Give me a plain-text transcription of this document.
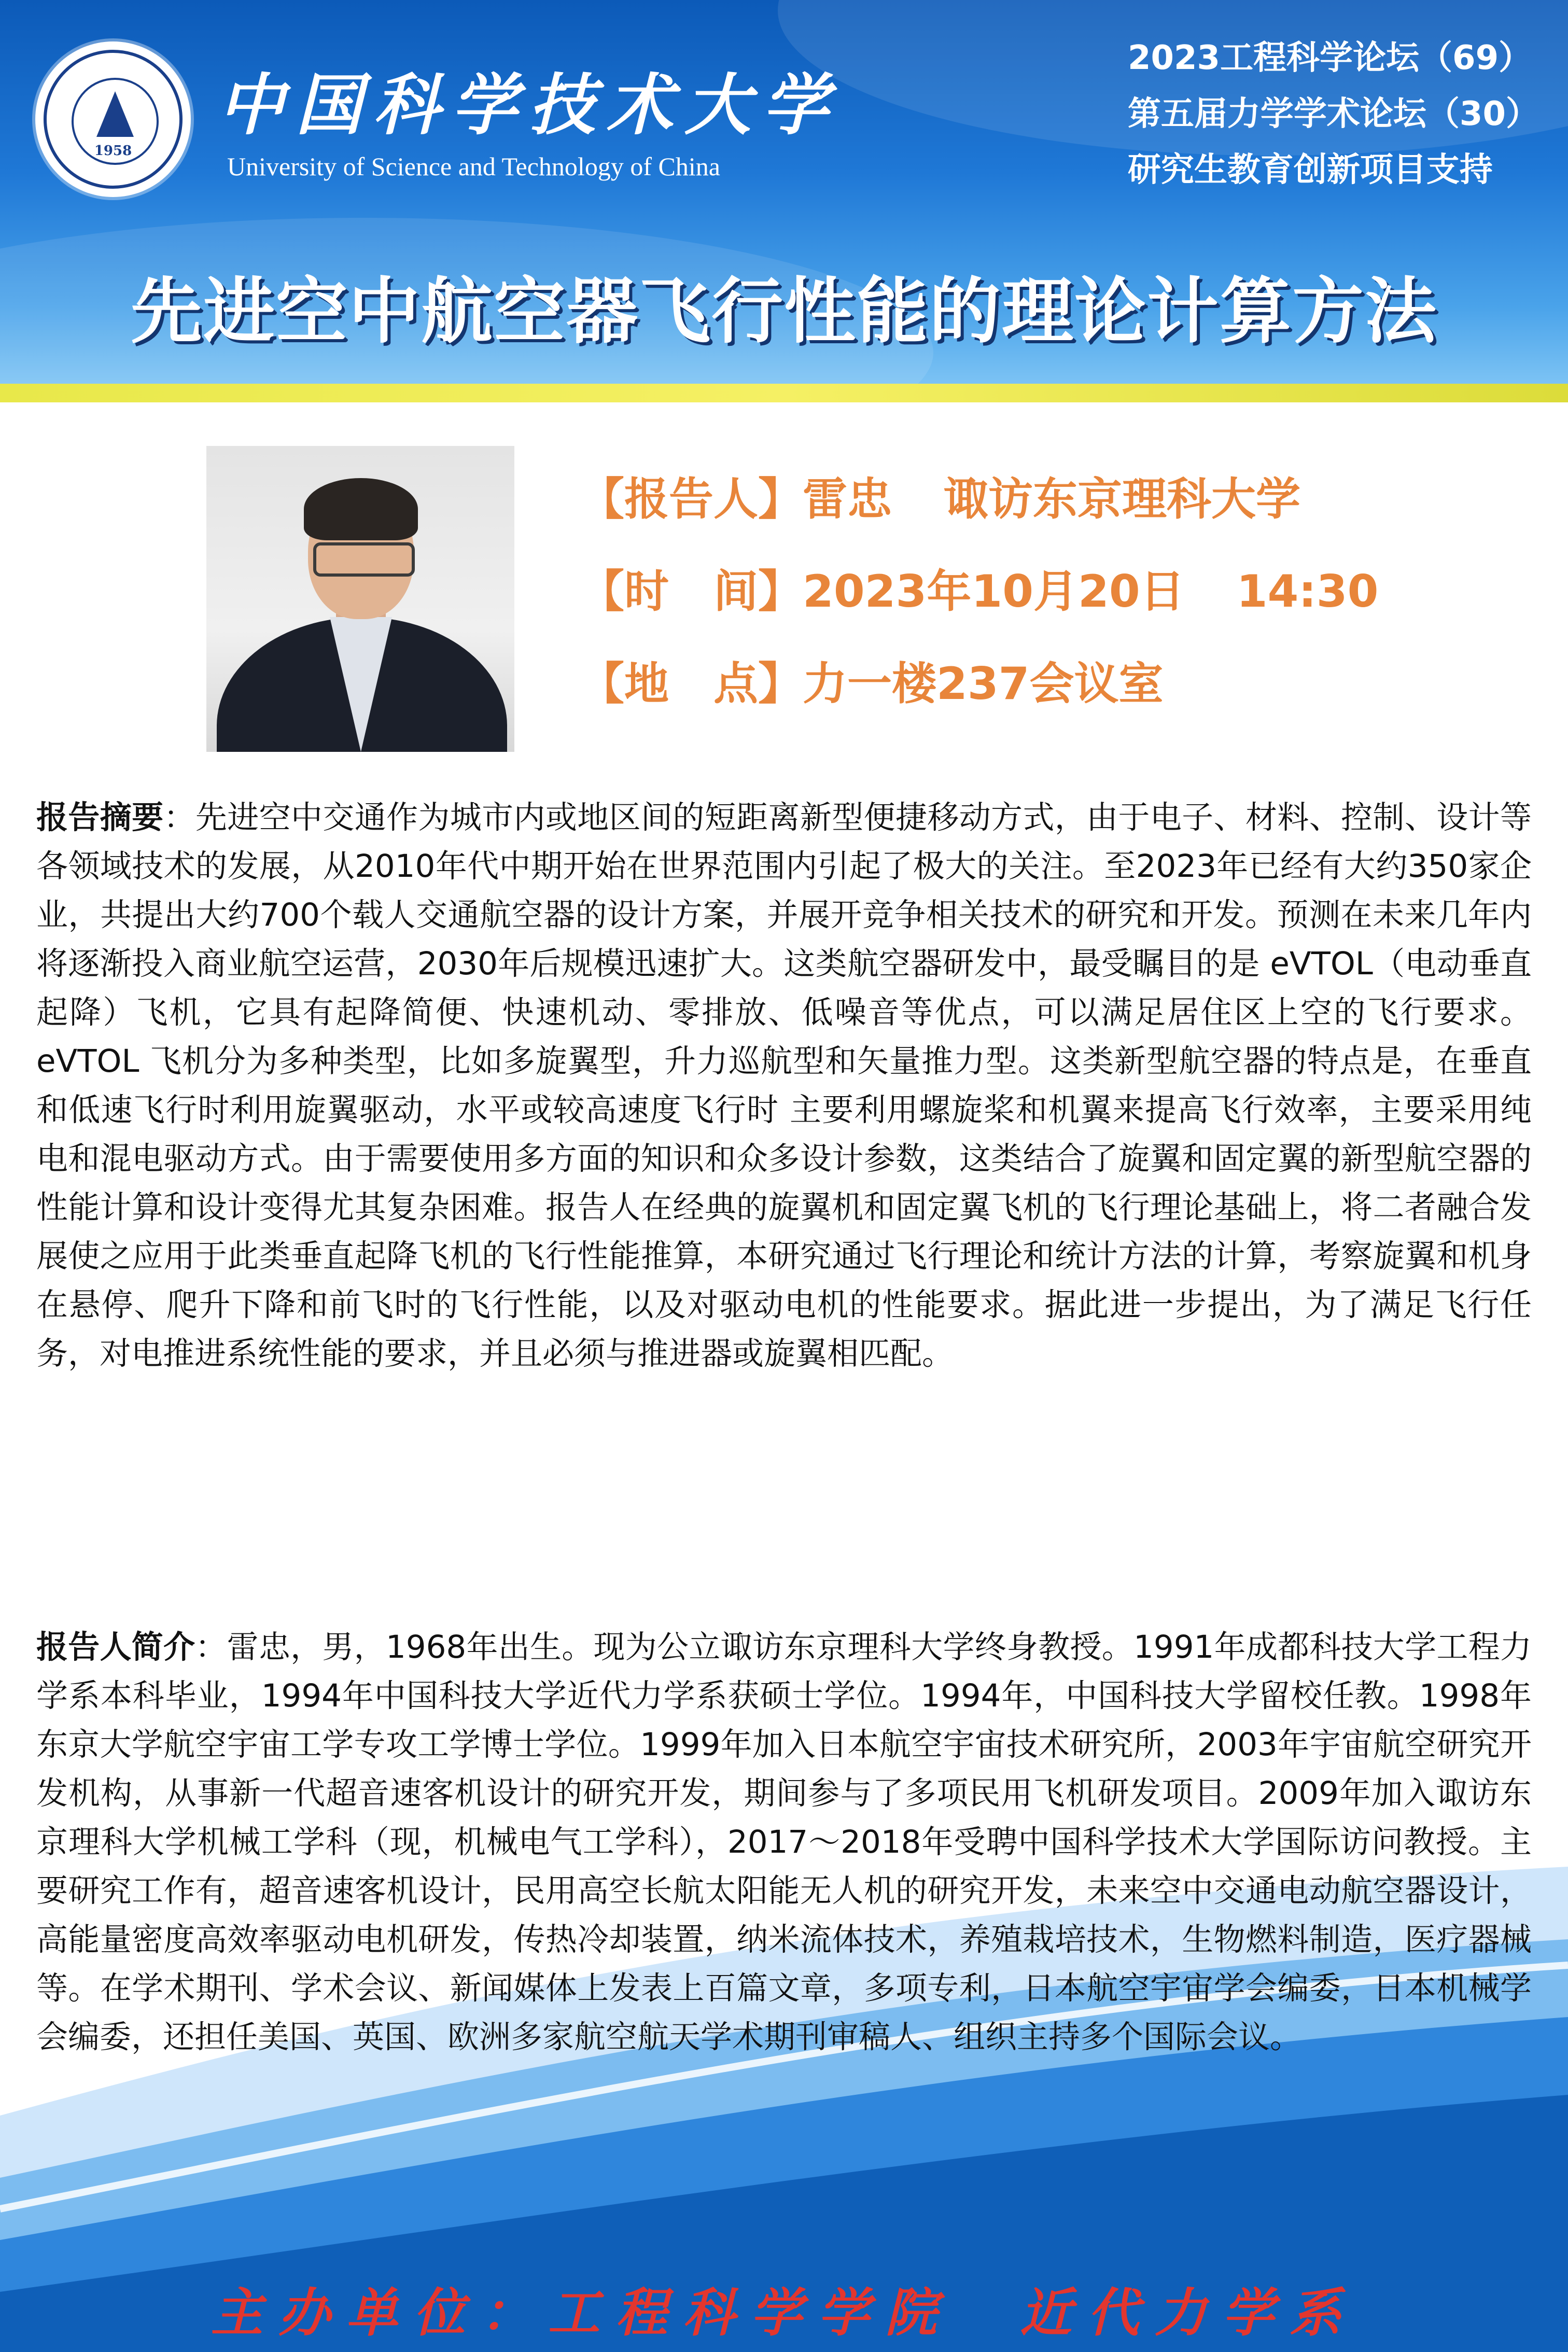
1958
中国科学技术大学
University of Science and Technology of China
2023工程科学论坛（69）
第五届力学学术论坛（30）
研究生教育创新项目支持
先进空中航空器飞行性能的理论计算方法
【报告人】雷忠 诹访东京理科大学
【时　间】2023年10月20日 14:30
【地　点】力一楼237会议室
报告摘要：先进空中交通作为城市内或地区间的短距离新型便捷移动方式，由于电子、材料、控制、设计等各领域技术的发展，从2010年代中期开始在世界范围内引起了极大的关注。至2023年已经有大约350家企业，共提出大约700个载人交通航空器的设计方案，并展开竞争相关技术的研究和开发。预测在未来几年内将逐渐投入商业航空运营，2030年后规模迅速扩大。这类航空器研发中，最受瞩目的是 eVTOL（电动垂直起降）飞机，它具有起降简便、快速机动、零排放、低噪音等优点，可以满足居住区上空的飞行要求。eVTOL 飞机分为多种类型，比如多旋翼型，升力巡航型和矢量推力型。这类新型航空器的特点是，在垂直和低速飞行时利用旋翼驱动，水平或较高速度飞行时 主要利用螺旋桨和机翼来提高飞行效率，主要采用纯电和混电驱动方式。由于需要使用多方面的知识和众多设计参数，这类结合了旋翼和固定翼的新型航空器的性能计算和设计变得尤其复杂困难。报告人在经典的旋翼机和固定翼飞机的飞行理论基础上，将二者融合发展使之应用于此类垂直起降飞机的飞行性能推算，本研究通过飞行理论和统计方法的计算，考察旋翼和机身在悬停、爬升下降和前飞时的飞行性能，以及对驱动电机的性能要求。据此进一步提出，为了满足飞行任务，对电推进系统性能的要求，并且必须与推进器或旋翼相匹配。
报告人简介：雷忠，男，1968年出生。现为公立诹访东京理科大学终身教授。1991年成都科技大学工程力学系本科毕业，1994年中国科技大学近代力学系获硕士学位。1994年，中国科技大学留校任教。1998年东京大学航空宇宙工学专攻工学博士学位。1999年加入日本航空宇宙技术研究所，2003年宇宙航空研究开发机构，从事新一代超音速客机设计的研究开发，期间参与了多项民用飞机研发项目。2009年加入诹访东京理科大学机械工学科（现，机械电气工学科），2017～2018年受聘中国科学技术大学国际访问教授。主要研究工作有，超音速客机设计，民用高空长航太阳能无人机的研究开发，未来空中交通电动航空器设计，高能量密度高效率驱动电机研发，传热冷却装置，纳米流体技术，养殖栽培技术，生物燃料制造，医疗器械等。在学术期刊、学术会议、新闻媒体上发表上百篇文章，多项专利，日本航空宇宙学会编委，日本机械学会编委，还担任美国、英国、欧洲多家航空航天学术期刊审稿人、组织主持多个国际会议。
主办单位：工程科学学院　近代力学系
